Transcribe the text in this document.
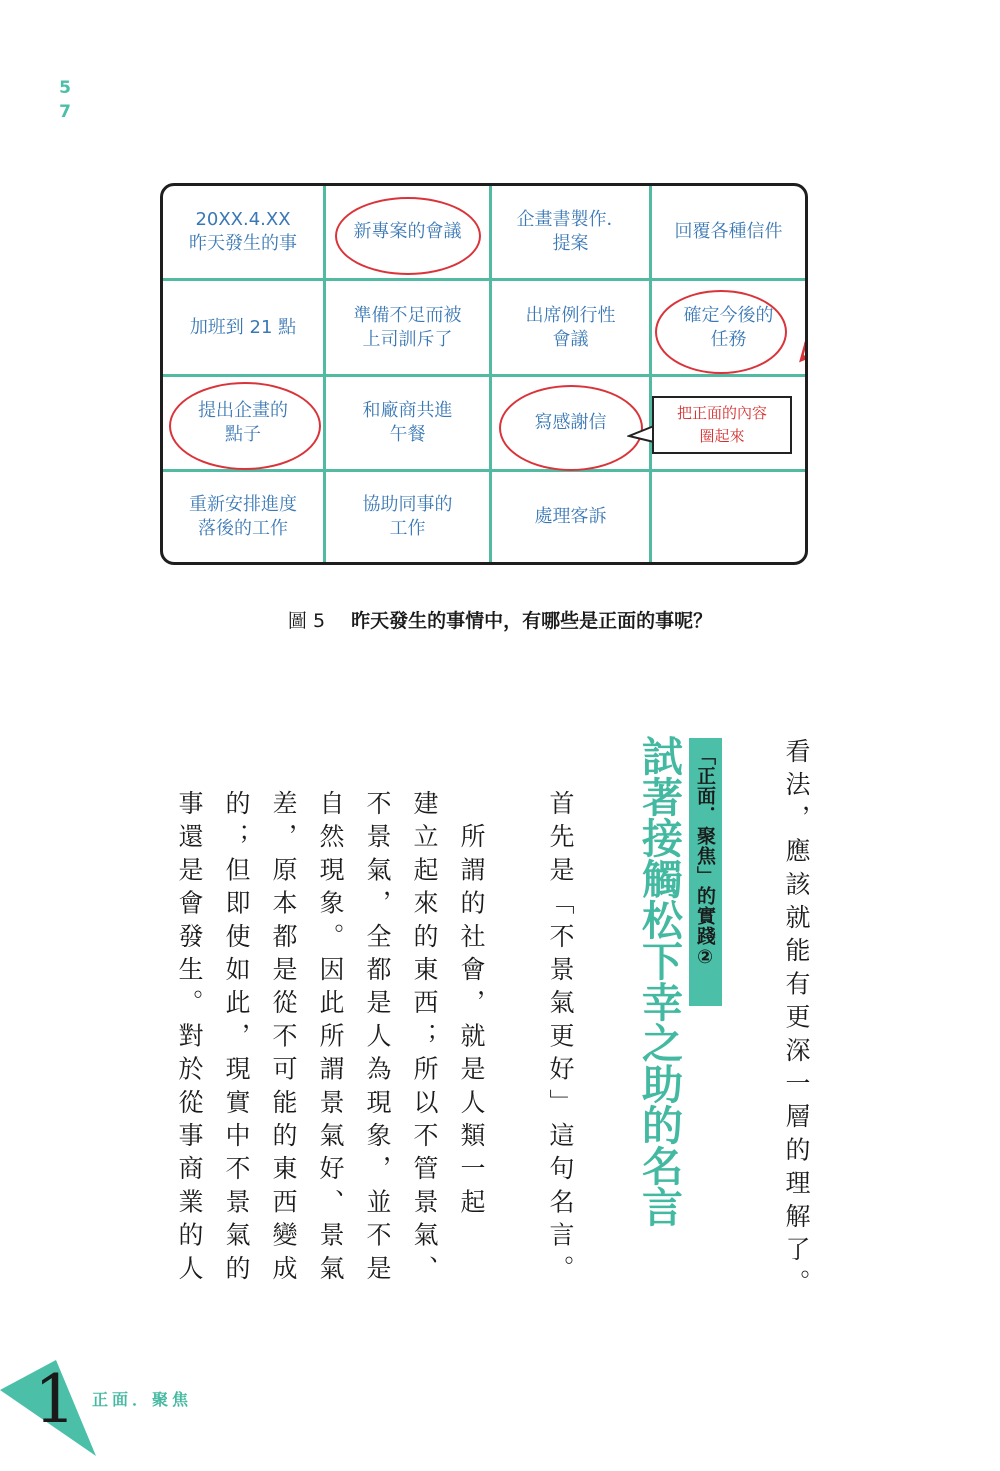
57
20XX.4.XX
昨天發生的事
新專案的會議
企畫書製作．
提案
回覆各種信件
加班到 21 點
準備不足而被
上司訓斥了
出席例行性
會議
確定今後的
任務
提出企畫的
點子
和廠商共進
午餐
寫感謝信
重新安排進度
落後的工作
協助同事的
工作
處理客訴
把正面的內容
圈起來
圖 5 昨天發生的事情中，有哪些是正面的事呢？
看法，應該就能有更深一層的理解了。
「正面．聚焦」的實踐②
試著接觸松下幸之助的名言
首先是「不景氣更好」這句名言。
　所謂的社會，就是人類一起
建立起來的東西；所以不管景氣、
不景氣，全都是人為現象，並不是
自然現象。因此所謂景氣好、景氣
差，原本都是從不可能的東西變成
的；但即使如此，現實中不景氣的
事還是會發生。對於從事商業的人
1 正面．聚焦
